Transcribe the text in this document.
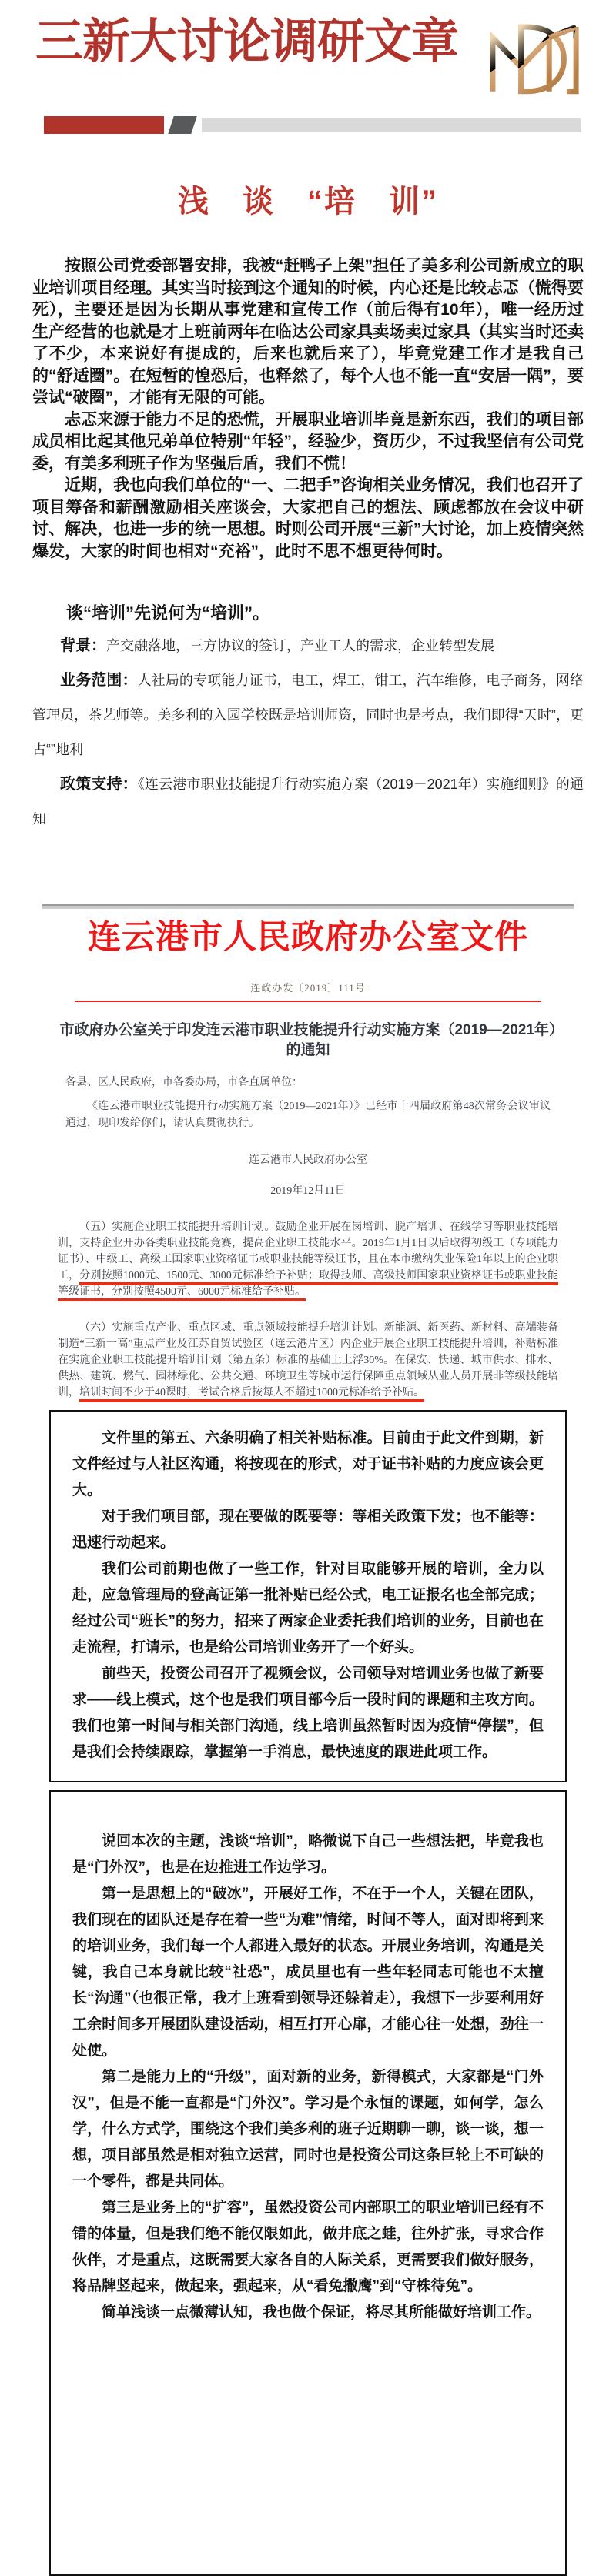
三新大讨论调研文章
浅　谈　“培　训”

按照公司党委部署安排，我被“赶鸭子上架”担任了美多利公司新成立的职业培训项目经理。其实当时接到这个通知的时候，内心还是比较忐忑（慌得要死），主要还是因为长期从事党建和宣传工作（前后得有10年），唯一经历过生产经营的也就是才上班前两年在临达公司家具卖场卖过家具（其实当时还卖了不少，本来说好有提成的，后来也就后来了），毕竟党建工作才是我自己的“舒适圈”。在短暂的惶恐后，也释然了，每个人也不能一直“安居一隅”，要尝试“破圈”，才能有无限的可能。

忐忑来源于能力不足的恐慌，开展职业培训毕竟是新东西，我们的项目部成员相比起其他兄弟单位特别“年轻”，经验少，资历少，不过我坚信有公司党委，有美多利班子作为坚强后盾，我们不慌！

近期，我也向我们单位的“一、二把手”咨询相关业务情况，我们也召开了项目筹备和薪酬激励相关座谈会，大家把自己的想法、顾虑都放在会议中研讨、解决，也进一步的统一思想。时则公司开展“三新”大讨论，加上疫情突然爆发，大家的时间也相对“充裕”，此时不思不想更待何时。

谈“培训”先说何为“培训”。

背景：产交融落地，三方协议的签订，产业工人的需求，企业转型发展

业务范围：人社局的专项能力证书，电工，焊工，钳工，汽车维修，电子商务，网络管理员，茶艺师等。美多利的入园学校既是培训师资，同时也是考点，我们即得“天时”，更占“”地利

政策支持：《连云港市职业技能提升行动实施方案（2019－2021年）实施细则》的通知

连云港市人民政府办公室文件
连政办发〔2019〕111号
市政府办公室关于印发连云港市职业技能提升行动实施方案（2019—2021年）的通知
各县、区人民政府，市各委办局，市各直属单位：

《连云港市职业技能提升行动实施方案（2019—2021年）》已经市十四届政府第48次常务会议审议通过，现印发给你们，请认真贯彻执行。

连云港市人民政府办公室
2019年12月11日

（五）实施企业职工技能提升培训计划。鼓励企业开展在岗培训、脱产培训、在线学习等职业技能培训，支持企业开办各类职业技能竞赛，提高企业职工技能水平。2019年1月1日以后取得初级工（专项能力证书）、中级工、高级工国家职业资格证书或职业技能等级证书，且在本市缴纳失业保险1年以上的企业职工，分别按照1000元、1500元、3000元标准给予补贴；取得技师、高级技师国家职业资格证书或职业技能等级证书，分别按照4500元、6000元标准给予补贴。

（六）实施重点产业、重点区域、重点领域技能提升培训计划。新能源、新医药、新材料、高端装备制造“三新一高”重点产业及江苏自贸试验区（连云港片区）内企业开展企业职工技能提升培训，补贴标准在实施企业职工技能提升培训计划（第五条）标准的基础上上浮30%。在保安、快递、城市供水、排水、供热、建筑、燃气、园林绿化、公共交通、环境卫生等城市运行保障重点领域从业人员开展非等级技能培训，培训时间不少于40课时，考试合格后按每人不超过1000元标准给予补贴。

文件里的第五、六条明确了相关补贴标准。目前由于此文件到期，新文件经过与人社区沟通，将按现在的形式，对于证书补贴的力度应该会更大。

对于我们项目部，现在要做的既要等：等相关政策下发；也不能等：迅速行动起来。

我们公司前期也做了一些工作，针对目取能够开展的培训，全力以赴，应急管理局的登高证第一批补贴已经公式，电工证报名也全部完成；经过公司“班长”的努力，招来了两家企业委托我们培训的业务，目前也在走流程，打请示，也是给公司培训业务开了一个好头。

前些天，投资公司召开了视频会议，公司领导对培训业务也做了新要求——线上模式，这个也是我们项目部今后一段时间的课题和主攻方向。我们也第一时间与相关部门沟通，线上培训虽然暂时因为疫情“停摆”，但是我们会持续跟踪，掌握第一手消息，最快速度的跟进此项工作。

说回本次的主题，浅谈“培训”，略微说下自己一些想法把，毕竟我也是“门外汉”，也是在边推进工作边学习。

第一是思想上的“破冰”，开展好工作，不在于一个人，关键在团队，我们现在的团队还是存在着一些“为难”情绪，时间不等人，面对即将到来的培训业务，我们每一个人都进入最好的状态。开展业务培训，沟通是关键，我自己本身就比较“社恐”，成员里也有一些年轻同志可能也不太擅长“沟通”（也很正常，我才上班看到领导还躲着走），我想下一步要利用好工余时间多开展团队建设活动，相互打开心扉，才能心往一处想，劲往一处使。

第二是能力上的“升级”，面对新的业务，新得模式，大家都是“门外汉”，但是不能一直都是“门外汉”。学习是个永恒的课题，如何学，怎么学，什么方式学，围绕这个我们美多利的班子近期聊一聊，谈一谈，想一想，项目部虽然是相对独立运营，同时也是投资公司这条巨轮上不可缺的一个零件，都是共同体。

第三是业务上的“扩容”，虽然投资公司内部职工的职业培训已经有不错的体量，但是我们绝不能仅限如此，做井底之蛙，往外扩张，寻求合作伙伴，才是重点，这既需要大家各自的人际关系，更需要我们做好服务，将品牌竖起来，做起来，强起来，从“看兔撒鹰”到“守株待兔”。

简单浅谈一点微薄认知，我也做个保证，将尽其所能做好培训工作。
